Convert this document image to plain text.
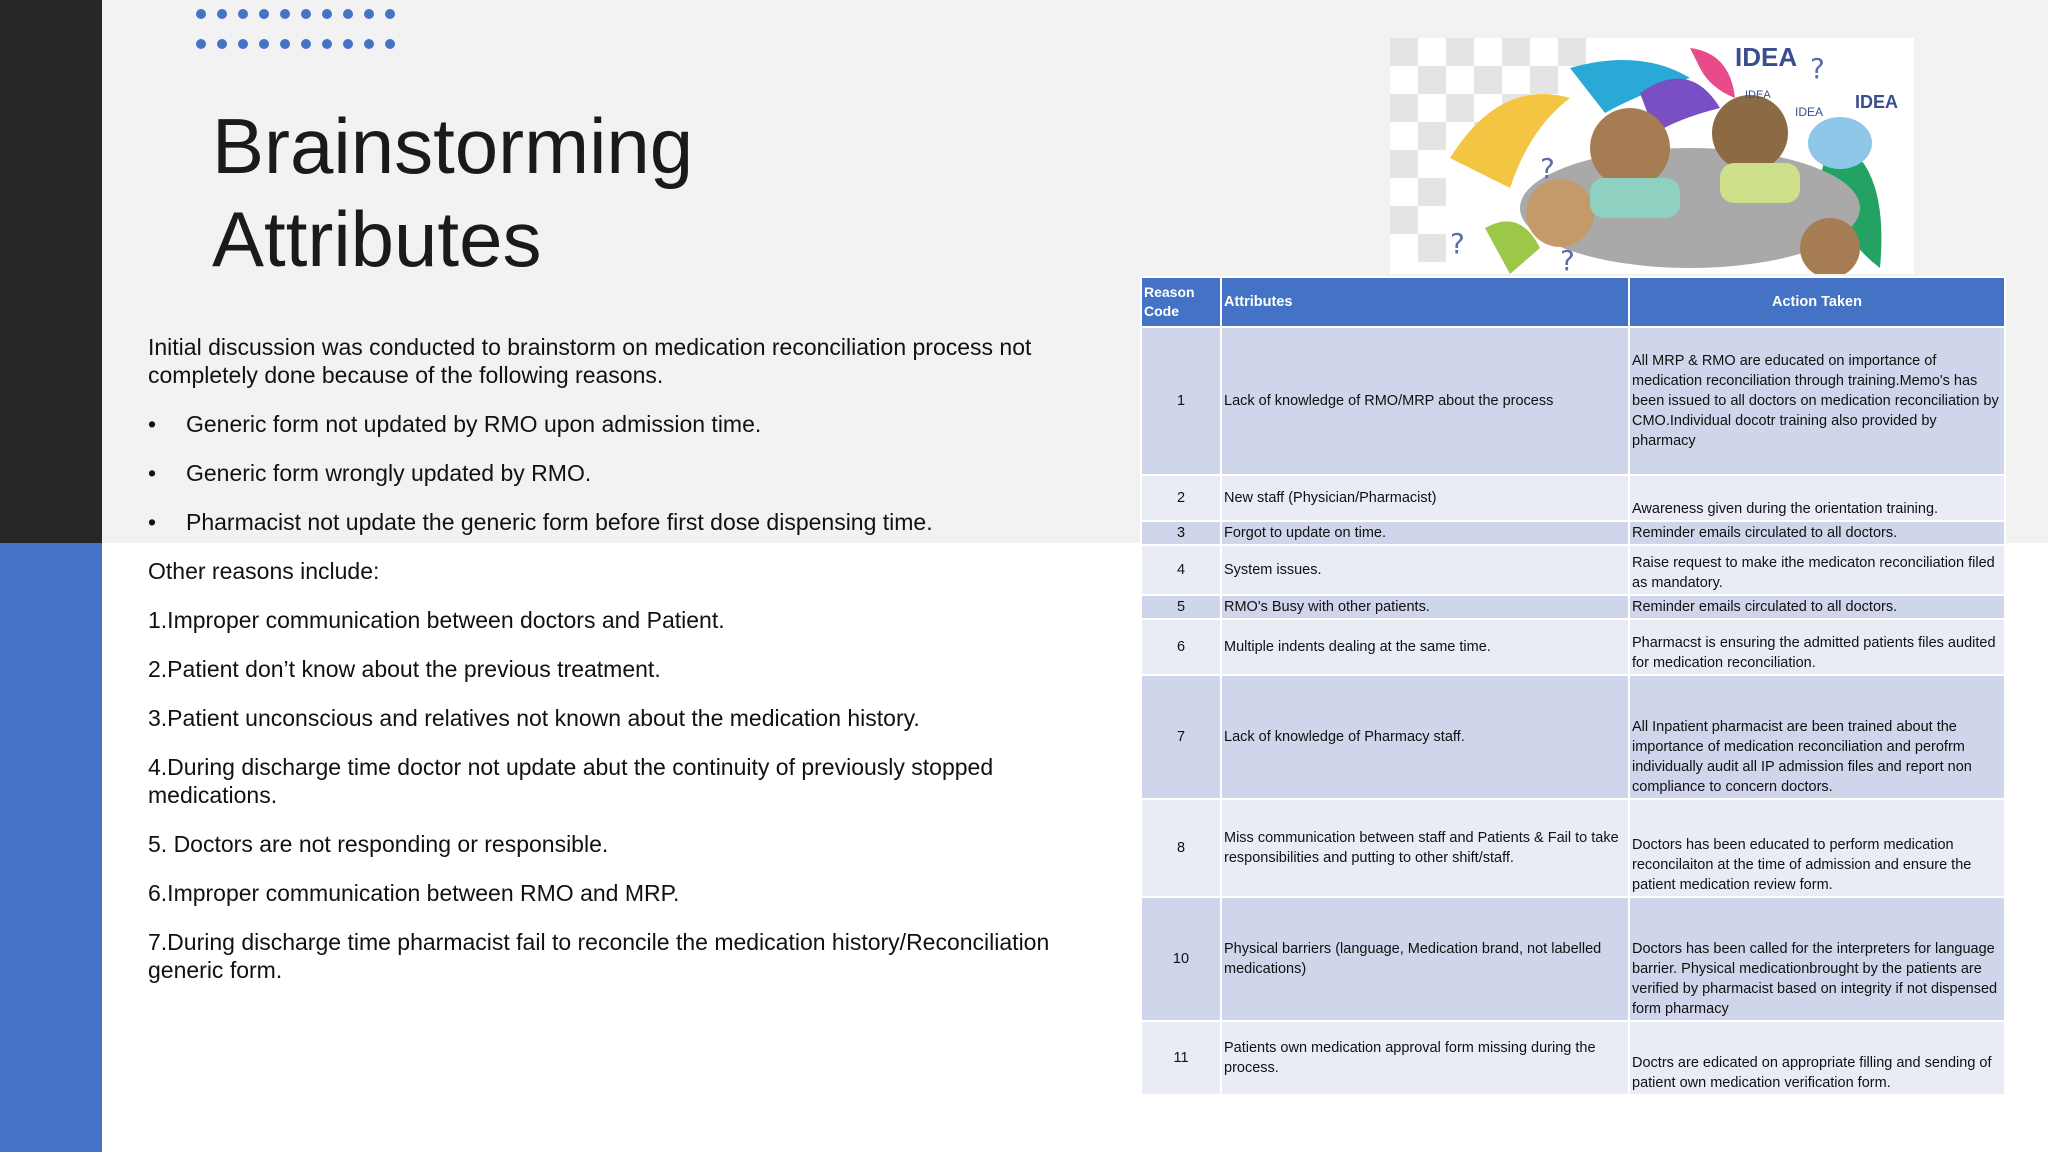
Brainstorming Attributes

Initial discussion was conducted to brainstorm on medication reconciliation process not completely done because of the following reasons.

• Generic form not updated by RMO upon admission time.
• Generic form wrongly updated by RMO.
• Pharmacist not update the generic form before first dose dispensing time.

Other reasons include:

1.Improper communication between doctors and Patient.

2.Patient don’t know about the previous treatment.

3.Patient unconscious and relatives not known about the medication history.

4.During discharge time doctor not update abut the continuity of previously stopped medications.

5. Doctors are not responding or responsible.

6.Improper communication between RMO and MRP.

7.During discharge time pharmacist fail to reconcile the medication history/Reconciliation generic form.

IDEA
IDEA
IDEA
IDEA
?
?
?
?
Reason Code	Attributes	Action Taken
1	Lack of knowledge of RMO/MRP about the process	All MRP & RMO are educated on importance of medication reconciliation through training.Memo's has been issued to all doctors on medication reconciliation by CMO.Individual docotr training also provided by pharmacy
2	New staff (Physician/Pharmacist)	Awareness given during the orientation training.
3	Forgot to update on time.	Reminder emails circulated to all doctors.
4	System issues.	Raise request to make ithe medicaton reconciliation filed as mandatory.
5	RMO's Busy with other patients.	Reminder emails circulated to all doctors.
6	Multiple indents dealing at the same time.	Pharmacst is ensuring the admitted patients files audited for medication reconciliation.
7	Lack of knowledge of Pharmacy staff.	All Inpatient pharmacist are been trained about the importance of medication reconciliation and perofrm individually audit all IP admission files and report non compliance to concern doctors.
8	Miss communication between staff and Patients & Fail to take responsibilities and putting to other shift/staff.	Doctors has been educated to perform medication reconcilaiton at the time of admission and ensure the patient medication review form.
10	Physical barriers (language, Medication brand, not labelled medications)	Doctors has been called for the interpreters for language barrier. Physical medicationbrought by the patients are verified by pharmacist based on integrity if not dispensed form pharmacy
11	Patients own medication approval form missing during the process.	Doctrs are edicated on appropriate filling and sending of patient own medication verification form.
